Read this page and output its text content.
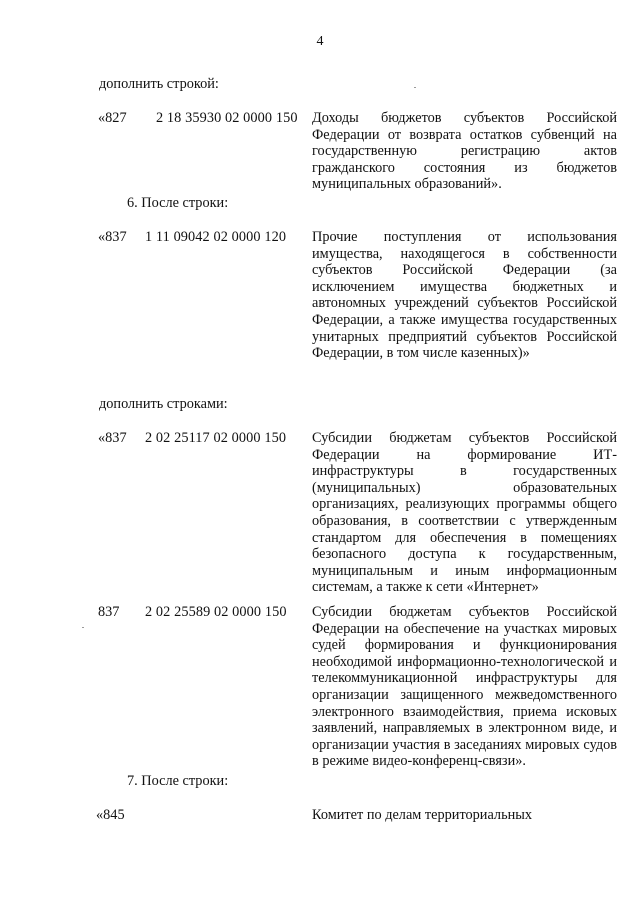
4
дополнить строкой:
«827 2 18 35930 02 0000 150 Доходы бюджетов субъектов Российской Федерации от возврата остатков субвенций на государственную регистрацию актов гражданского состояния из бюджетов муниципальных образований».
6. После строки:
«837 1 11 09042 02 0000 120 Прочие поступления от использования имущества, находящегося в собственности субъектов Российской Федерации (за исключением имущества бюджетных и автономных учреждений субъектов Российской Федерации, а также имущества государственных унитарных предприятий субъектов Российской Федерации, в том числе казенных)»
дополнить строками:
«837 2 02 25117 02 0000 150 Субсидии бюджетам субъектов Российской Федерации на формирование ИТ-инфраструктуры в государственных (муниципальных) образовательных организациях, реализующих программы общего образования, в соответствии с утвержденным стандартом для обеспечения в помещениях безопасного доступа к государственным, муниципальным и иным информационным системам, а также к сети «Интернет»
837 2 02 25589 02 0000 150 Субсидии бюджетам субъектов Российской Федерации на обеспечение на участках мировых судей формирования и функционирования необходимой информационно-технологической и телекоммуникационной инфраструктуры для организации защищенного межведомственного электронного взаимодействия, приема исковых заявлений, направляемых в электронном виде, и организации участия в заседаниях мировых судов в режиме видео-конференц-связи».
7. После строки:
«845	Комитет по делам территориальных
